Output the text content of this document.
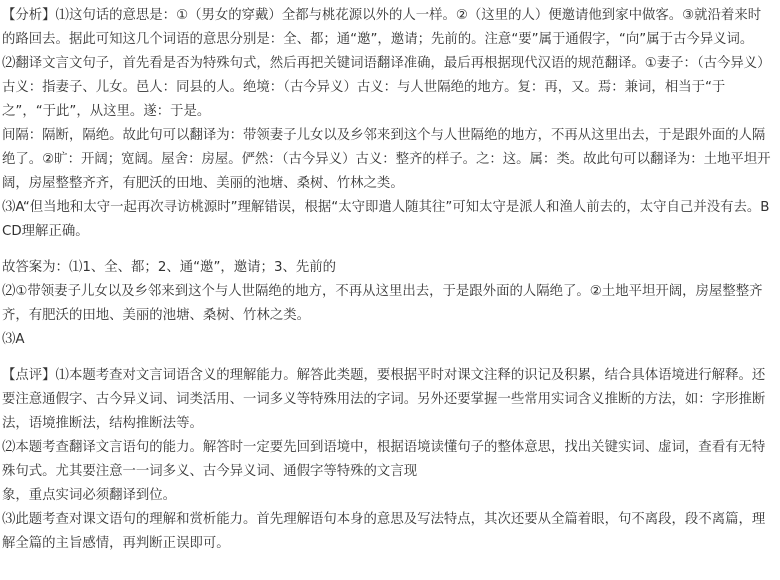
【分析】⑴这句话的意思是：①（男女的穿戴）全都与桃花源以外的人一样。②（这里的人）便邀请他到家中做客。③就沿着来时的路回去。据此可知这几个词语的意思分别是：全、都；通“邀”，邀请；先前的。注意“要”属于通假字，“向”属于古今异义词。

⑵翻译文言文句子，首先看是否为特殊句式，然后再把关键词语翻译准确，最后再根据现代汉语的规范翻译。①妻子：（古今异义）古义：指妻子、儿女。邑人：同县的人。绝境：（古今异义）古义：与人世隔绝的地方。复：再，又。焉：兼词，相当于“于之”，“于此”，从这里。遂：于是。

间隔：隔断，隔绝。故此句可以翻译为：带领妻子儿女以及乡邻来到这个与人世隔绝的地方，不再从这里出去，于是跟外面的人隔绝了。②旷：开阔；宽阔。屋舍：房屋。俨然：（古今异义）古义：整齐的样子。之：这。属：类。故此句可以翻译为：土地平坦开阔，房屋整整齐齐，有肥沃的田地、美丽的池塘、桑树、竹林之类。

⑶A“但当地和太守一起再次寻访桃源时”理解错误，根据“太守即遣人随其往”可知太守是派人和渔人前去的，太守自己并没有去。BCD理解正确。

故答案为：⑴1、全、都；2、通“邀”，邀请；3、先前的

⑵①带领妻子儿女以及乡邻来到这个与人世隔绝的地方，不再从这里出去，于是跟外面的人隔绝了。②土地平坦开阔，房屋整整齐齐，有肥沃的田地、美丽的池塘、桑树、竹林之类。

⑶A

【点评】⑴本题考查对文言词语含义的理解能力。解答此类题，要根据平时对课文注释的识记及积累，结合具体语境进行解释。还要注意通假字、古今异义词、词类活用、一词多义等特殊用法的字词。另外还要掌握一些常用实词含义推断的方法，如：字形推断法，语境推断法，结构推断法等。

⑵本题考查翻译文言语句的能力。解答时一定要先回到语境中，根据语境读懂句子的整体意思，找出关键实词、虚词，查看有无特殊句式。尤其要注意一一词多义、古今异义词、通假字等特殊的文言现

象，重点实词必须翻译到位。

⑶此题考查对课文语句的理解和赏析能力。首先理解语句本身的意思及写法特点，其次还要从全篇着眼，句不离段，段不离篇，理解全篇的主旨感情，再判断正误即可。
